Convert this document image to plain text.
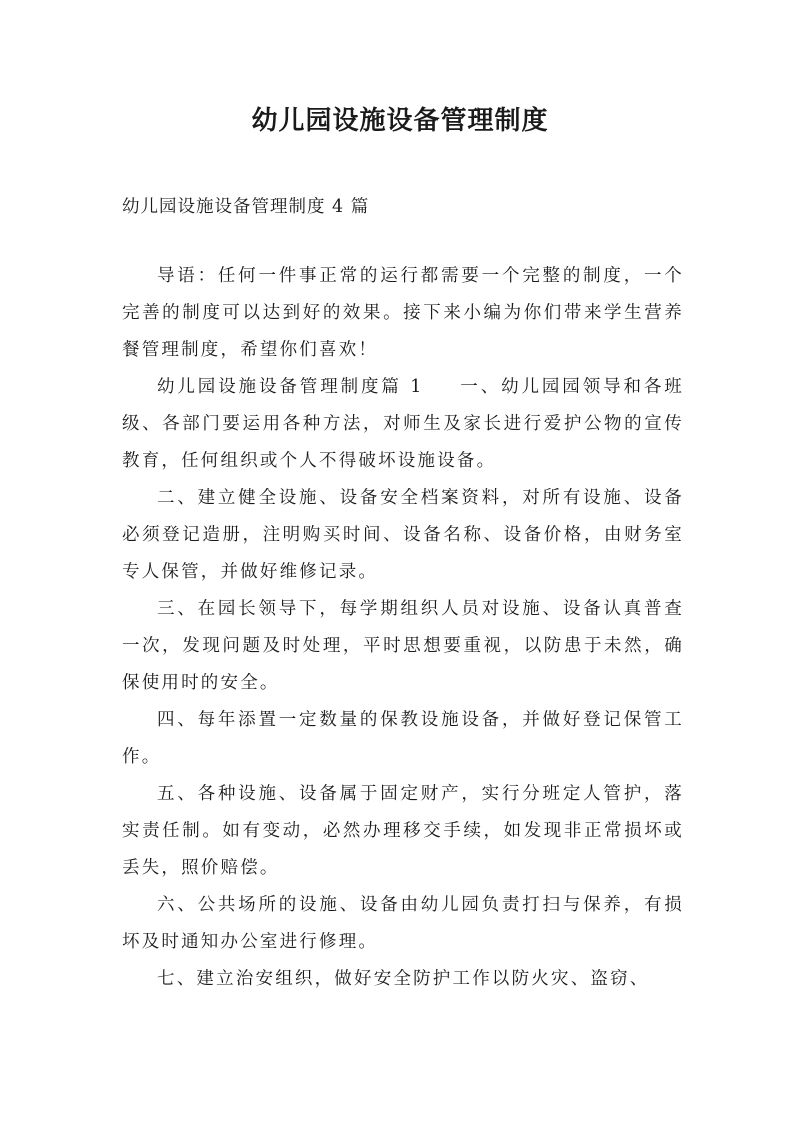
幼儿园设施设备管理制度
幼儿园设施设备管理制度 4 篇

导语：任何一件事正常的运行都需要一个完整的制度，一个完善的制度可以达到好的效果。接下来小编为你们带来学生营养餐管理制度，希望你们喜欢！

幼儿园设施设备管理制度篇 1 一、幼儿园园领导和各班级、各部门要运用各种方法，对师生及家长进行爱护公物的宣传教育，任何组织或个人不得破坏设施设备。

二、建立健全设施、设备安全档案资料，对所有设施、设备必须登记造册，注明购买时间、设备名称、设备价格，由财务室专人保管，并做好维修记录。

三、在园长领导下，每学期组织人员对设施、设备认真普查一次，发现问题及时处理，平时思想要重视，以防患于未然，确保使用时的安全。

四、每年添置一定数量的保教设施设备，并做好登记保管工作。

五、各种设施、设备属于固定财产，实行分班定人管护，落实责任制。如有变动，必然办理移交手续，如发现非正常损坏或丢失，照价赔偿。

六、公共场所的设施、设备由幼儿园负责打扫与保养，有损坏及时通知办公室进行修理。

七、建立治安组织，做好安全防护工作以防火灾、盗窃、
